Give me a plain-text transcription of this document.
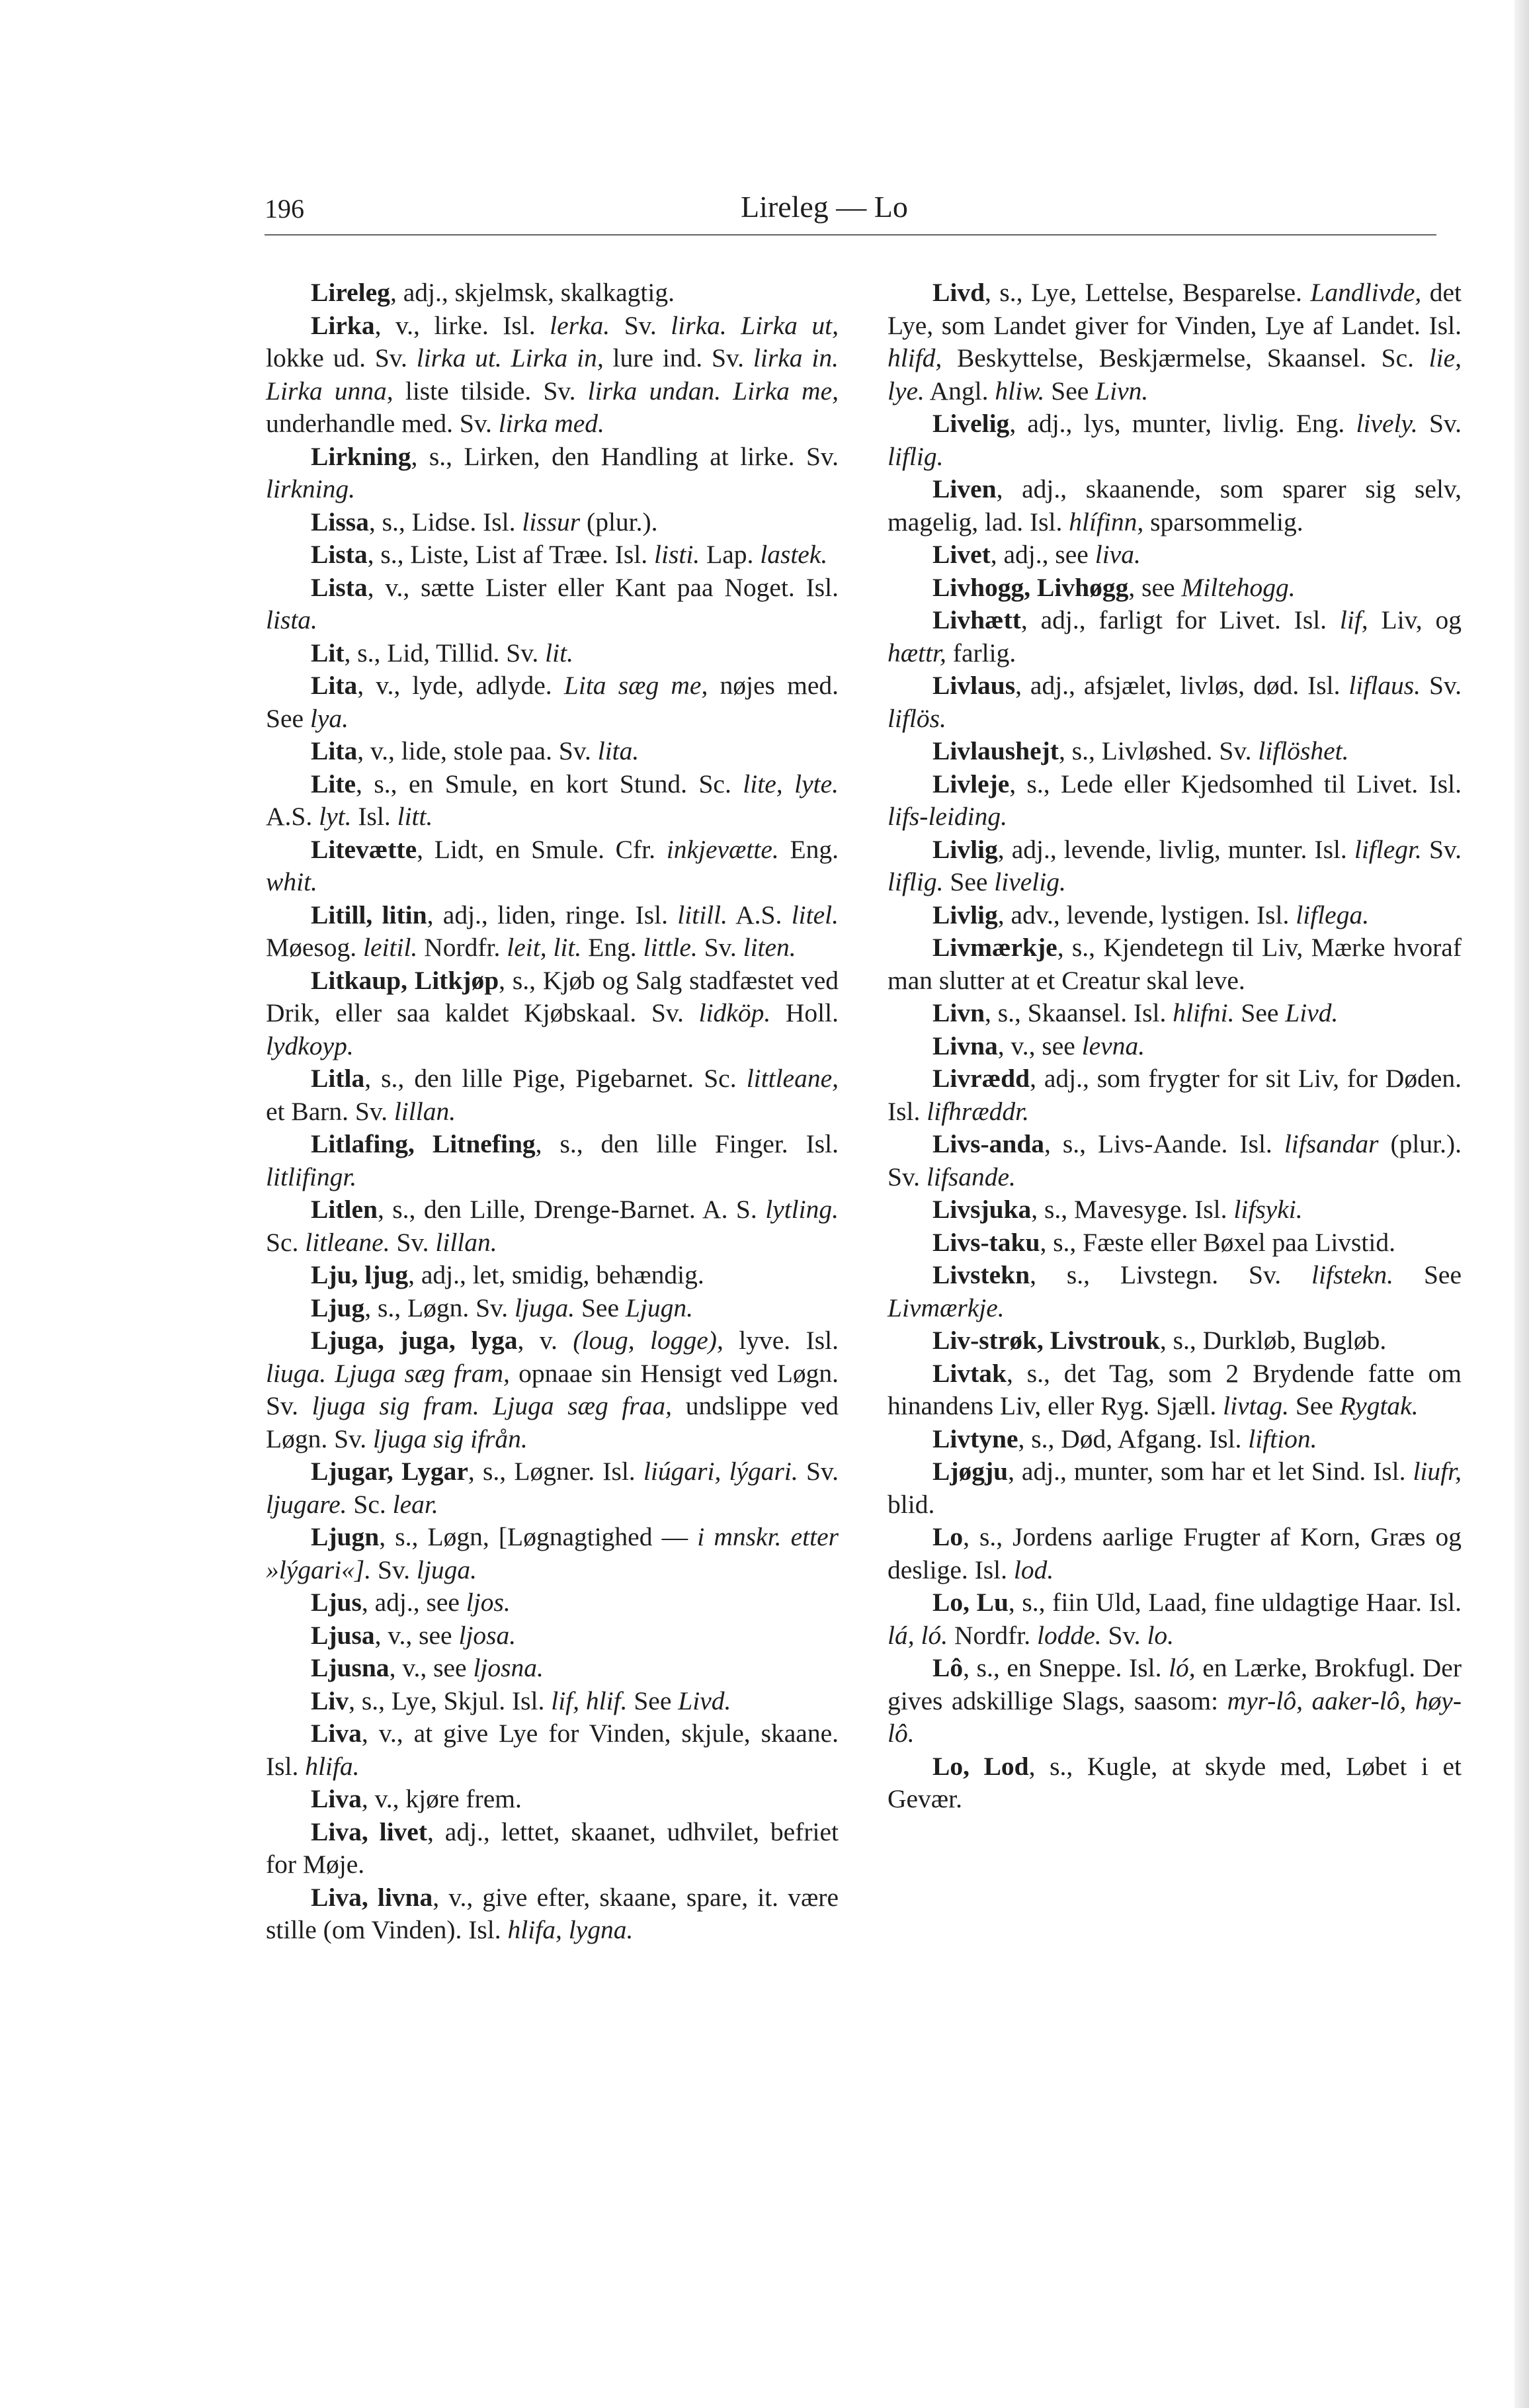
196	Lireleg — Lo

Lireleg, adj., skjelmsk, skalkagtig.

Lirka, v., lirke. Isl. lerka. Sv. lirka. Lirka ut, lokke ud. Sv. lirka ut. Lirka in, lure ind. Sv. lirka in. Lirka unna, liste tilside. Sv. lirka undan. Lirka me, underhandle med. Sv. lirka med.

Lirkning, s., Lirken, den Handling at lirke. Sv. lirkning.

Lissa, s., Lidse. Isl. lissur (plur.).

Lista, s., Liste, List af Træe. Isl. listi. Lap. lastek.

Lista, v., sætte Lister eller Kant paa Noget. Isl. lista.

Lit, s., Lid, Tillid. Sv. lit.

Lita, v., lyde, adlyde. Lita sæg me, nøjes med. See lya.

Lita, v., lide, stole paa. Sv. lita.

Lite, s., en Smule, en kort Stund. Sc. lite, lyte. A.S. lyt. Isl. litt.

Litevætte, Lidt, en Smule. Cfr. inkjevætte. Eng. whit.

Litill, litin, adj., liden, ringe. Isl. litill. A.S. litel. Møesog. leitil. Nordfr. leit, lit. Eng. little. Sv. liten.

Litkaup, Litkjøp, s., Kjøb og Salg stadfæstet ved Drik, eller saa kaldet Kjøbskaal. Sv. lidköp. Holl. lydkoyp.

Litla, s., den lille Pige, Pigebarnet. Sc. littleane, et Barn. Sv. lillan.

Litlafing, Litnefing, s., den lille Finger. Isl. litlifingr.

Litlen, s., den Lille, Drenge-Barnet. A. S. lytling. Sc. litleane. Sv. lillan.

Lju, ljug, adj., let, smidig, behændig.

Ljug, s., Løgn. Sv. ljuga. See Ljugn.

Ljuga, juga, lyga, v. (loug, logge), lyve. Isl. liuga. Ljuga sæg fram, opnaae sin Hensigt ved Løgn. Sv. ljuga sig fram. Ljuga sæg fraa, undslippe ved Løgn. Sv. ljuga sig ifrån.

Ljugar, Lygar, s., Løgner. Isl. liúgari, lýgari. Sv. ljugare. Sc. lear.

Ljugn, s., Løgn, [Løgnagtighed — i mnskr. etter »lýgari«]. Sv. ljuga.

Ljus, adj., see ljos.

Ljusa, v., see ljosa.

Ljusna, v., see ljosna.

Liv, s., Lye, Skjul. Isl. lif, hlif. See Livd.

Liva, v., at give Lye for Vinden, skjule, skaane. Isl. hlifa.

Liva, v., kjøre frem.

Liva, livet, adj., lettet, skaanet, udhvilet, befriet for Møje.

Liva, livna, v., give efter, skaane, spare, it. være stille (om Vinden). Isl. hlifa, lygna.

Livd, s., Lye, Lettelse, Besparelse. Landlivde, det Lye, som Landet giver for Vinden, Lye af Landet. Isl. hlifd, Beskyttelse, Beskjærmelse, Skaansel. Sc. lie, lye. Angl. hliw. See Livn.

Livelig, adj., lys, munter, livlig. Eng. lively. Sv. liflig.

Liven, adj., skaanende, som sparer sig selv, magelig, lad. Isl. hlífinn, sparsommelig.

Livet, adj., see liva.

Livhogg, Livhøgg, see Miltehogg.

Livhætt, adj., farligt for Livet. Isl. lif, Liv, og hættr, farlig.

Livlaus, adj., afsjælet, livløs, død. Isl. liflaus. Sv. liflös.

Livlaushejt, s., Livløshed. Sv. liflöshet.

Livleje, s., Lede eller Kjedsomhed til Livet. Isl. lifs-leiding.

Livlig, adj., levende, livlig, munter. Isl. liflegr. Sv. liflig. See livelig.

Livlig, adv., levende, lystigen. Isl. liflega.

Livmærkje, s., Kjendetegn til Liv, Mærke hvoraf man slutter at et Creatur skal leve.

Livn, s., Skaansel. Isl. hlifni. See Livd.

Livna, v., see levna.

Livrædd, adj., som frygter for sit Liv, for Døden. Isl. lifhræddr.

Livs-anda, s., Livs-Aande. Isl. lifsandar (plur.). Sv. lifsande.

Livsjuka, s., Mavesyge. Isl. lifsyki.

Livs-taku, s., Fæste eller Bøxel paa Livstid.

Livstekn, s., Livstegn. Sv. lifstekn. See Livmærkje.

Liv-strøk, Livstrouk, s., Durkløb, Bugløb.

Livtak, s., det Tag, som 2 Brydende fatte om hinandens Liv, eller Ryg. Sjæll. livtag. See Rygtak.

Livtyne, s., Død, Afgang. Isl. liftion.

Ljøgju, adj., munter, som har et let Sind. Isl. liufr, blid.

Lo, s., Jordens aarlige Frugter af Korn, Græs og deslige. Isl. lod.

Lo, Lu, s., fiin Uld, Laad, fine uldagtige Haar. Isl. lá, ló. Nordfr. lodde. Sv. lo.

Lô, s., en Sneppe. Isl. ló, en Lærke, Brokfugl. Der gives adskillige Slags, saasom: myr-lô, aaker-lô, høy-lô.

Lo, Lod, s., Kugle, at skyde med, Løbet i et Gevær.
